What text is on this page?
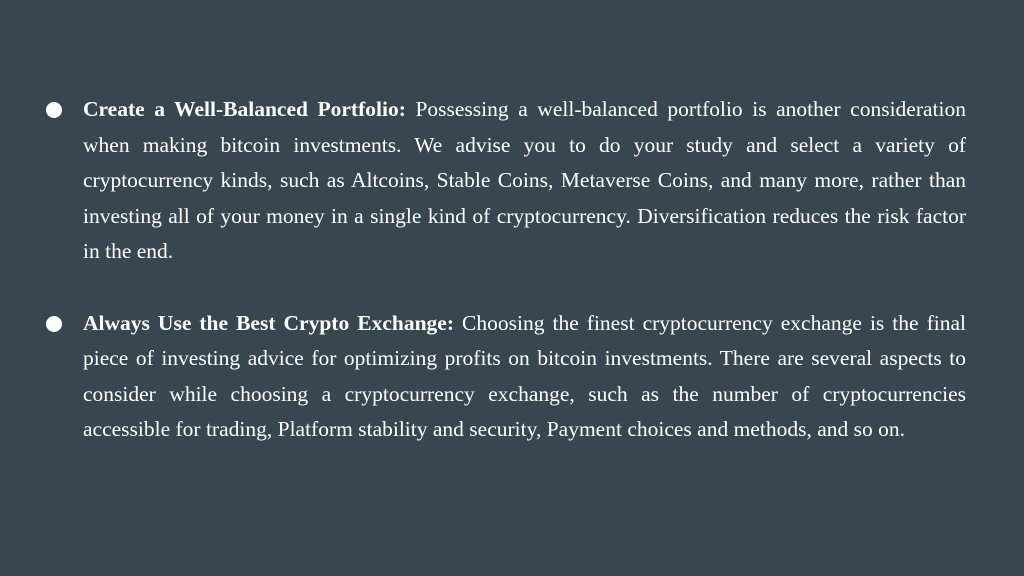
Create a Well-Balanced Portfolio: Possessing a well-balanced portfolio is another consideration when making bitcoin investments. We advise you to do your study and select a variety of cryptocurrency kinds, such as Altcoins, Stable Coins, Metaverse Coins, and many more, rather than investing all of your money in a single kind of cryptocurrency. Diversification reduces the risk factor in the end.
Always Use the Best Crypto Exchange: Choosing the finest cryptocurrency exchange is the final piece of investing advice for optimizing profits on bitcoin investments. There are several aspects to consider while choosing a cryptocurrency exchange, such as the number of cryptocurrencies accessible for trading, Platform stability and security, Payment choices and methods, and so on.
